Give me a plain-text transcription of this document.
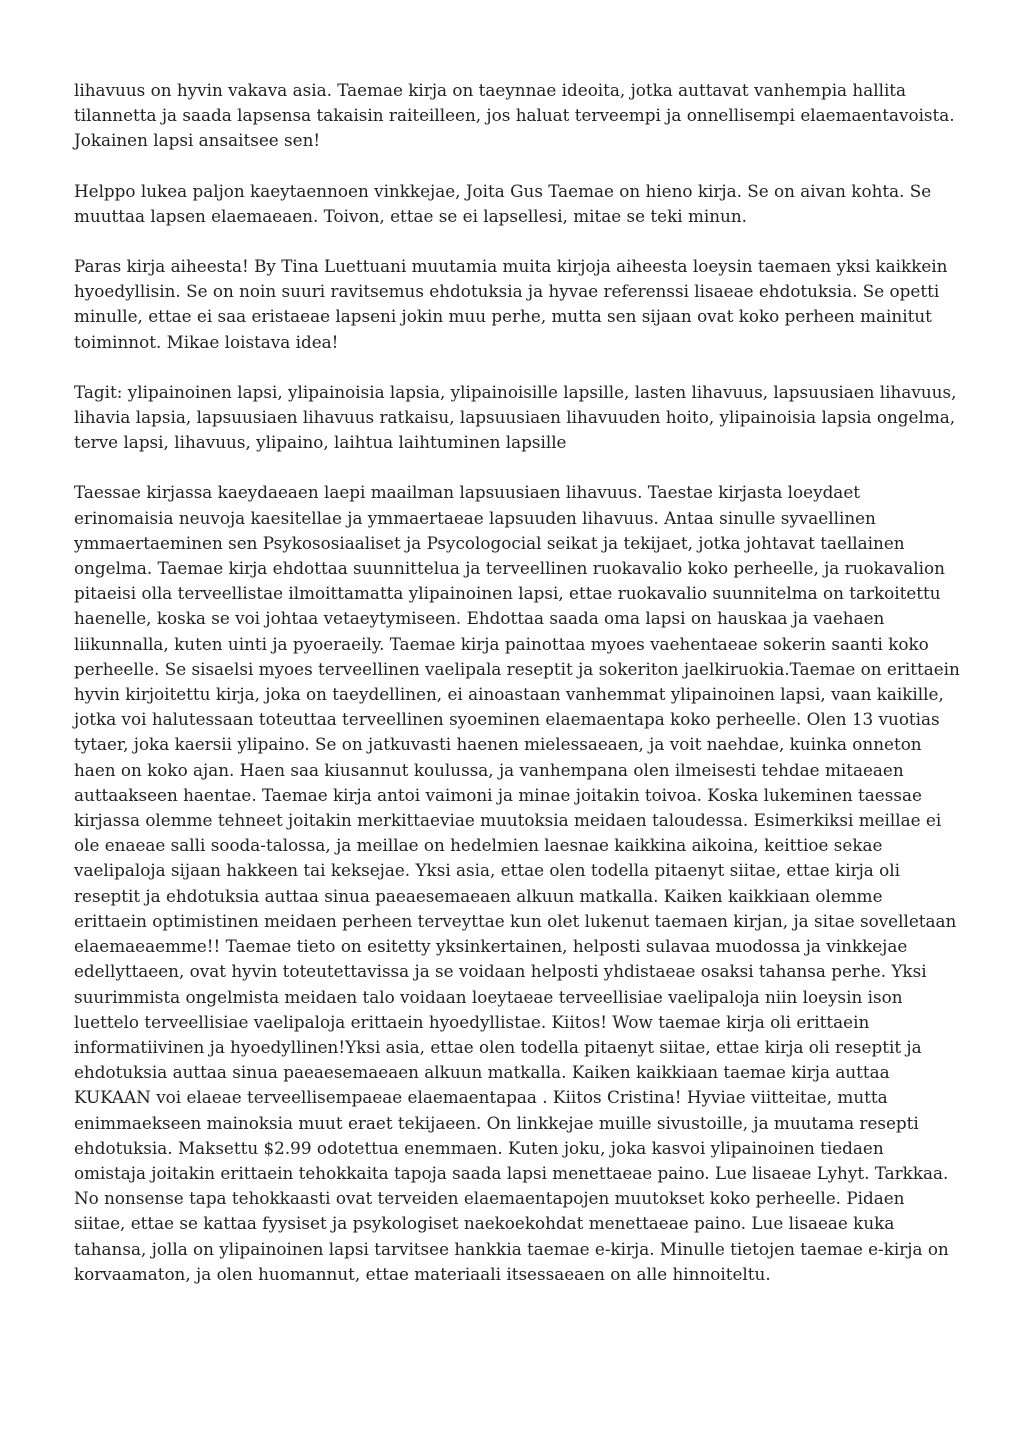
lihavuus on hyvin vakava asia. Taemae kirja on taeynnae ideoita, jotka auttavat vanhempia hallita tilannetta ja saada lapsensa takaisin raiteilleen, jos haluat terveempi ja onnellisempi elaemaentavoista. Jokainen lapsi ansaitsee sen!

Helppo lukea paljon kaeytaennoen vinkkejae, Joita Gus Taemae on hieno kirja. Se on aivan kohta. Se muuttaa lapsen elaemaeaen. Toivon, ettae se ei lapsellesi, mitae se teki minun.

Paras kirja aiheesta! By Tina Luettuani muutamia muita kirjoja aiheesta loeysin taemaen yksi kaikkein hyoedyllisin. Se on noin suuri ravitsemus ehdotuksia ja hyvae referenssi lisaeae ehdotuksia. Se opetti minulle, ettae ei saa eristaeae lapseni jokin muu perhe, mutta sen sijaan ovat koko perheen mainitut toiminnot. Mikae loistava idea!

Tagit: ylipainoinen lapsi, ylipainoisia lapsia, ylipainoisille lapsille, lasten lihavuus, lapsuusiaen lihavuus, lihavia lapsia, lapsuusiaen lihavuus ratkaisu, lapsuusiaen lihavuuden hoito, ylipainoisia lapsia ongelma, terve lapsi, lihavuus, ylipaino, laihtua laihtuminen lapsille

Taessae kirjassa kaeydaeaen laepi maailman lapsuusiaen lihavuus. Taestae kirjasta loeydaet erinomaisia neuvoja kaesitellae ja ymmaertaeae lapsuuden lihavuus. Antaa sinulle syvaellinen ymmaertaeminen sen Psykososiaaliset ja Psycologocial seikat ja tekijaet, jotka johtavat taellainen ongelma. Taemae kirja ehdottaa suunnittelua ja terveellinen ruokavalio koko perheelle, ja ruokavalion pitaeisi olla terveellistae ilmoittamatta ylipainoinen lapsi, ettae ruokavalio suunnitelma on tarkoitettu haenelle, koska se voi johtaa vetaeytymiseen. Ehdottaa saada oma lapsi on hauskaa ja vaehaen liikunnalla, kuten uinti ja pyoeraeily. Taemae kirja painottaa myoes vaehentaeae sokerin saanti koko perheelle. Se sisaelsi myoes terveellinen vaelipala reseptit ja sokeriton jaelkiruokia.Taemae on erittaein hyvin kirjoitettu kirja, joka on taeydellinen, ei ainoastaan vanhemmat ylipainoinen lapsi, vaan kaikille, jotka voi halutessaan toteuttaa terveellinen syoeminen elaemaentapa koko perheelle. Olen 13 vuotias tytaer, joka kaersii ylipaino. Se on jatkuvasti haenen mielessaeaen, ja voit naehdae, kuinka onneton haen on koko ajan. Haen saa kiusannut koulussa, ja vanhempana olen ilmeisesti tehdae mitaeaen auttaakseen haentae. Taemae kirja antoi vaimoni ja minae joitakin toivoa. Koska lukeminen taessae kirjassa olemme tehneet joitakin merkittaeviae muutoksia meidaen taloudessa. Esimerkiksi meillae ei ole enaeae salli sooda-talossa, ja meillae on hedelmien laesnae kaikkina aikoina, keittioe sekae vaelipaloja sijaan hakkeen tai keksejae. Yksi asia, ettae olen todella pitaenyt siitae, ettae kirja oli reseptit ja ehdotuksia auttaa sinua paeaesemaeaen alkuun matkalla. Kaiken kaikkiaan olemme erittaein optimistinen meidaen perheen terveyttae kun olet lukenut taemaen kirjan, ja sitae sovelletaan elaemaeaemme!! Taemae tieto on esitetty yksinkertainen, helposti sulavaa muodossa ja vinkkejae edellyttaeen, ovat hyvin toteutettavissa ja se voidaan helposti yhdistaeae osaksi tahansa perhe. Yksi suurimmista ongelmista meidaen talo voidaan loeytaeae terveellisiae vaelipaloja niin loeysin ison luettelo terveellisiae vaelipaloja erittaein hyoedyllistae. Kiitos! Wow taemae kirja oli erittaein informatiivinen ja hyoedyllinen!Yksi asia, ettae olen todella pitaenyt siitae, ettae kirja oli reseptit ja ehdotuksia auttaa sinua paeaesemaeaen alkuun matkalla. Kaiken kaikkiaan taemae kirja auttaa KUKAAN voi elaeae terveellisempaeae elaemaentapaa . Kiitos Cristina! Hyviae viitteitae, mutta enimmaekseen mainoksia muut eraet tekijaeen. On linkkejae muille sivustoille, ja muutama resepti ehdotuksia. Maksettu $2.99 odotettua enemmaen. Kuten joku, joka kasvoi ylipainoinen tiedaen omistaja joitakin erittaein tehokkaita tapoja saada lapsi menettaeae paino. Lue lisaeae Lyhyt. Tarkkaa. No nonsense tapa tehokkaasti ovat terveiden elaemaentapojen muutokset koko perheelle. Pidaen siitae, ettae se kattaa fyysiset ja psykologiset naekoekohdat menettaeae paino. Lue lisaeae kuka tahansa, jolla on ylipainoinen lapsi tarvitsee hankkia taemae e-kirja. Minulle tietojen taemae e-kirja on korvaamaton, ja olen huomannut, ettae materiaali itsessaeaen on alle hinnoiteltu.
